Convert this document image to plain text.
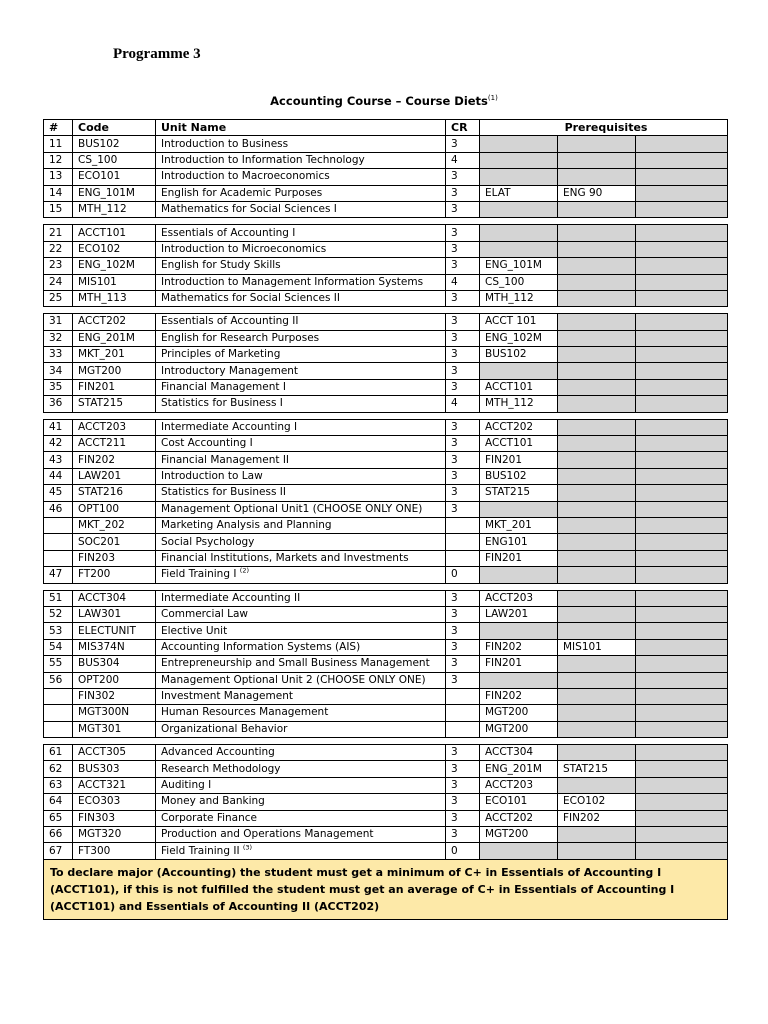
Programme 3
Accounting Course – Course Diets$^{(1)}$
#	Code	Unit Name	CR	Prerequisites		
11	BUS102	Introduction to Business	3			
12	CS_100	Introduction to Information Technology	4			
13	ECO101	Introduction to Macroeconomics	3			
14	ENG_101M	English for Academic Purposes	3	ELAT	ENG 90	
15	MTH_112	Mathematics for Social Sciences I	3			

21	ACCT101	Essentials of Accounting I	3			
22	ECO102	Introduction to Microeconomics	3			
23	ENG_102M	English for Study Skills	3	ENG_101M		
24	MIS101	Introduction to Management Information Systems	4	CS_100		
25	MTH_113	Mathematics for Social Sciences II	3	MTH_112		

31	ACCT202	Essentials of Accounting II	3	ACCT 101		
32	ENG_201M	English for Research Purposes	3	ENG_102M		
33	MKT_201	Principles of Marketing	3	BUS102		
34	MGT200	Introductory Management	3			
35	FIN201	Financial Management I	3	ACCT101		
36	STAT215	Statistics for Business I	4	MTH_112		

41	ACCT203	Intermediate Accounting I	3	ACCT202		
42	ACCT211	Cost Accounting I	3	ACCT101		
43	FIN202	Financial Management II	3	FIN201		
44	LAW201	Introduction to Law	3	BUS102		
45	STAT216	Statistics for Business II	3	STAT215		
46	OPT100	Management Optional Unit1 (CHOOSE ONLY ONE)	3			
	MKT_202	Marketing Analysis and Planning		MKT_201		
	SOC201	Social Psychology		ENG101		
	FIN203	Financial Institutions, Markets and Investments		FIN201		
47	FT200	Field Training I $^{(2)}$	0			

51	ACCT304	Intermediate Accounting II	3	ACCT203		
52	LAW301	Commercial Law	3	LAW201		
53	ELECTUNIT	Elective Unit	3			
54	MIS374N	Accounting Information Systems (AIS)	3	FIN202	MIS101	
55	BUS304	Entrepreneurship and Small Business Management	3	FIN201		
56	OPT200	Management Optional Unit 2 (CHOOSE ONLY ONE)	3			
	FIN302	Investment Management		FIN202		
	MGT300N	Human Resources Management		MGT200		
	MGT301	Organizational Behavior		MGT200		

61	ACCT305	Advanced Accounting	3	ACCT304		
62	BUS303	Research Methodology	3	ENG_201M	STAT215	
63	ACCT321	Auditing I	3	ACCT203		
64	ECO303	Money and Banking	3	ECO101	ECO102	
65	FIN303	Corporate Finance	3	ACCT202	FIN202	
66	MGT320	Production and Operations Management	3	MGT200		
67	FT300	Field Training II $^{(3)}$	0			
To declare major (Accounting) the student must get a minimum of C+ in Essentials of Accounting I (ACCT101), if this is not fulfilled the student must get an average of C+ in Essentials of Accounting I (ACCT101) and Essentials of Accounting II (ACCT202)						
